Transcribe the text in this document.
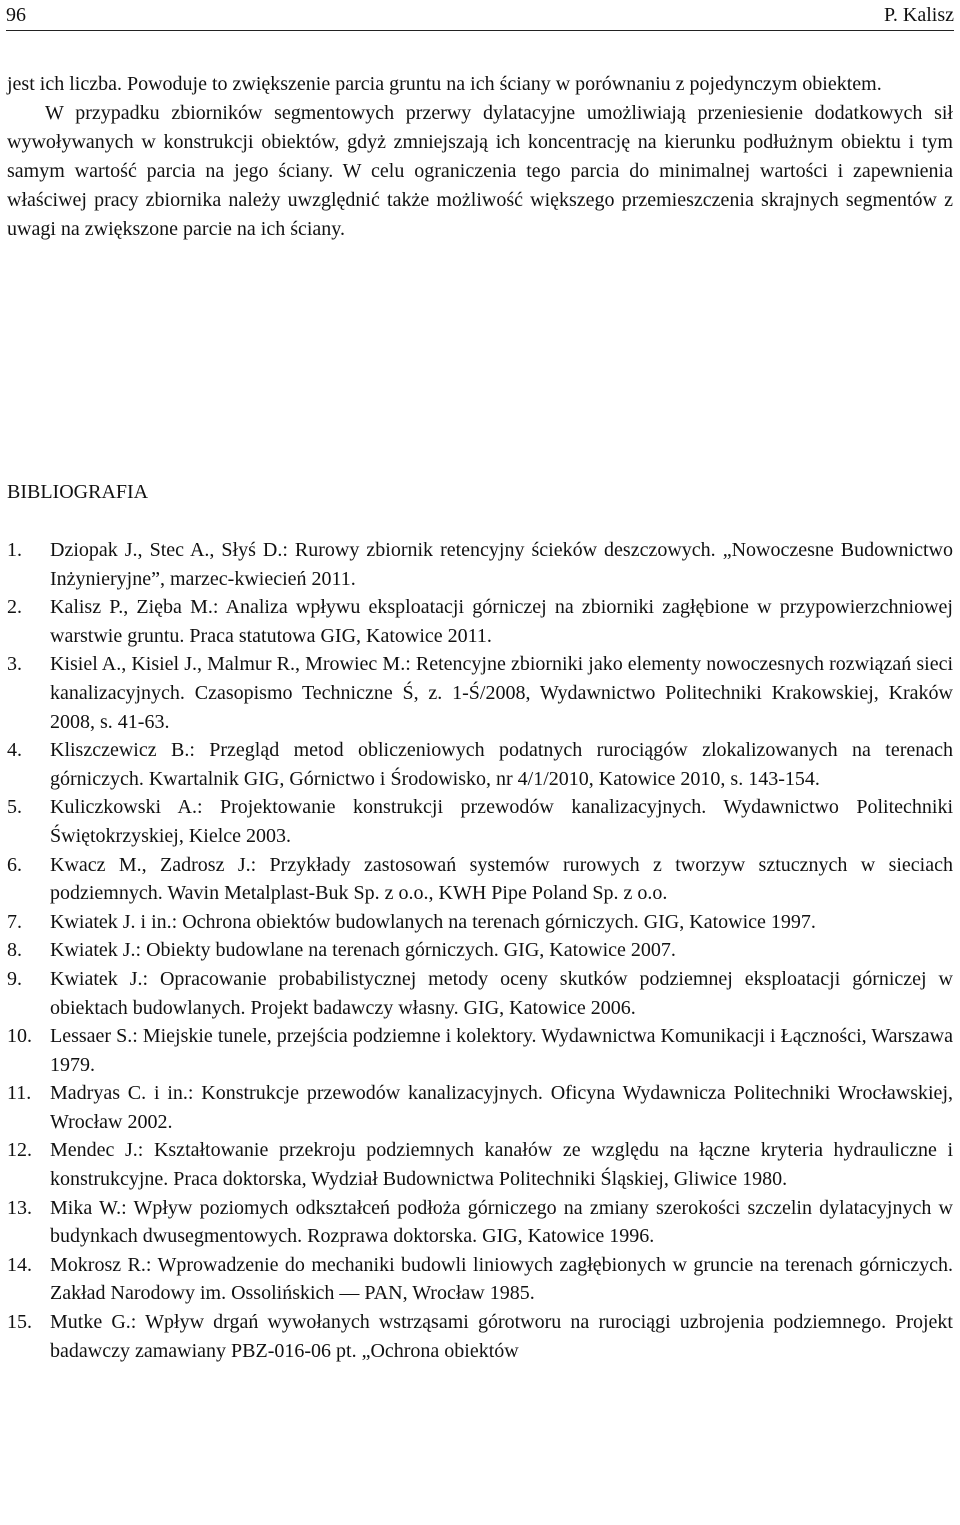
96	P. Kalisz

jest ich liczba. Powoduje to zwiększenie parcia gruntu na ich ściany w porównaniu z pojedynczym obiektem.

W przypadku zbiorników segmentowych przerwy dylatacyjne umożliwiają przeniesienie dodatkowych sił wywoływanych w konstrukcji obiektów, gdyż zmniejszają ich koncentrację na kierunku podłużnym obiektu i tym samym wartość parcia na jego ściany. W celu ograniczenia tego parcia do minimalnej wartości i zapewnienia właściwej pracy zbiornika należy uwzględnić także możliwość większego przemieszczenia skrajnych segmentów z uwagi na zwiększone parcie na ich ściany.

BIBLIOGRAFIA
1. Dziopak J., Stec A., Słyś D.: Rurowy zbiornik retencyjny ścieków deszczowych. „Nowoczesne Budownictwo Inżynieryjne”, marzec-kwiecień 2011.
2. Kalisz P., Zięba M.: Analiza wpływu eksploatacji górniczej na zbiorniki zagłębione w przypowierzchniowej warstwie gruntu. Praca statutowa GIG, Katowice 2011.
3. Kisiel A., Kisiel J., Malmur R., Mrowiec M.: Retencyjne zbiorniki jako elementy nowoczesnych rozwiązań sieci kanalizacyjnych. Czasopismo Techniczne Ś, z. 1-Ś/2008, Wydawnictwo Politechniki Krakowskiej, Kraków 2008, s. 41-63.
4. Kliszczewicz B.: Przegląd metod obliczeniowych podatnych rurociągów zlokalizowanych na terenach górniczych. Kwartalnik GIG, Górnictwo i Środowisko, nr 4/1/2010, Katowice 2010, s. 143-154.
5. Kuliczkowski A.: Projektowanie konstrukcji przewodów kanalizacyjnych. Wydawnictwo Politechniki Świętokrzyskiej, Kielce 2003.
6. Kwacz M., Zadrosz J.: Przykłady zastosowań systemów rurowych z tworzyw sztucznych w sieciach podziemnych. Wavin Metalplast-Buk Sp. z o.o., KWH Pipe Poland Sp. z o.o.
7. Kwiatek J. i in.: Ochrona obiektów budowlanych na terenach górniczych. GIG, Katowice 1997.
8. Kwiatek J.: Obiekty budowlane na terenach górniczych. GIG, Katowice 2007.
9. Kwiatek J.: Opracowanie probabilistycznej metody oceny skutków podziemnej eksploatacji górniczej w obiektach budowlanych. Projekt badawczy własny. GIG, Katowice 2006.
10. Lessaer S.: Miejskie tunele, przejścia podziemne i kolektory. Wydawnictwa Komunikacji i Łączności, Warszawa 1979.
11. Madryas C. i in.: Konstrukcje przewodów kanalizacyjnych. Oficyna Wydawnicza Politechniki Wrocławskiej, Wrocław 2002.
12. Mendec J.: Kształtowanie przekroju podziemnych kanałów ze względu na łączne kryteria hydrauliczne i konstrukcyjne. Praca doktorska, Wydział Budownictwa Politechniki Śląskiej, Gliwice 1980.
13. Mika W.: Wpływ poziomych odkształceń podłoża górniczego na zmiany szerokości szczelin dylatacyjnych w budynkach dwusegmentowych. Rozprawa doktorska. GIG, Katowice 1996.
14. Mokrosz R.: Wprowadzenie do mechaniki budowli liniowych zagłębionych w gruncie na terenach górniczych. Zakład Narodowy im. Ossolińskich ― PAN, Wrocław 1985.
15. Mutke G.: Wpływ drgań wywołanych wstrząsami górotworu na rurociągi uzbrojenia podziemnego. Projekt badawczy zamawiany PBZ-016-06 pt. „Ochrona obiektów
